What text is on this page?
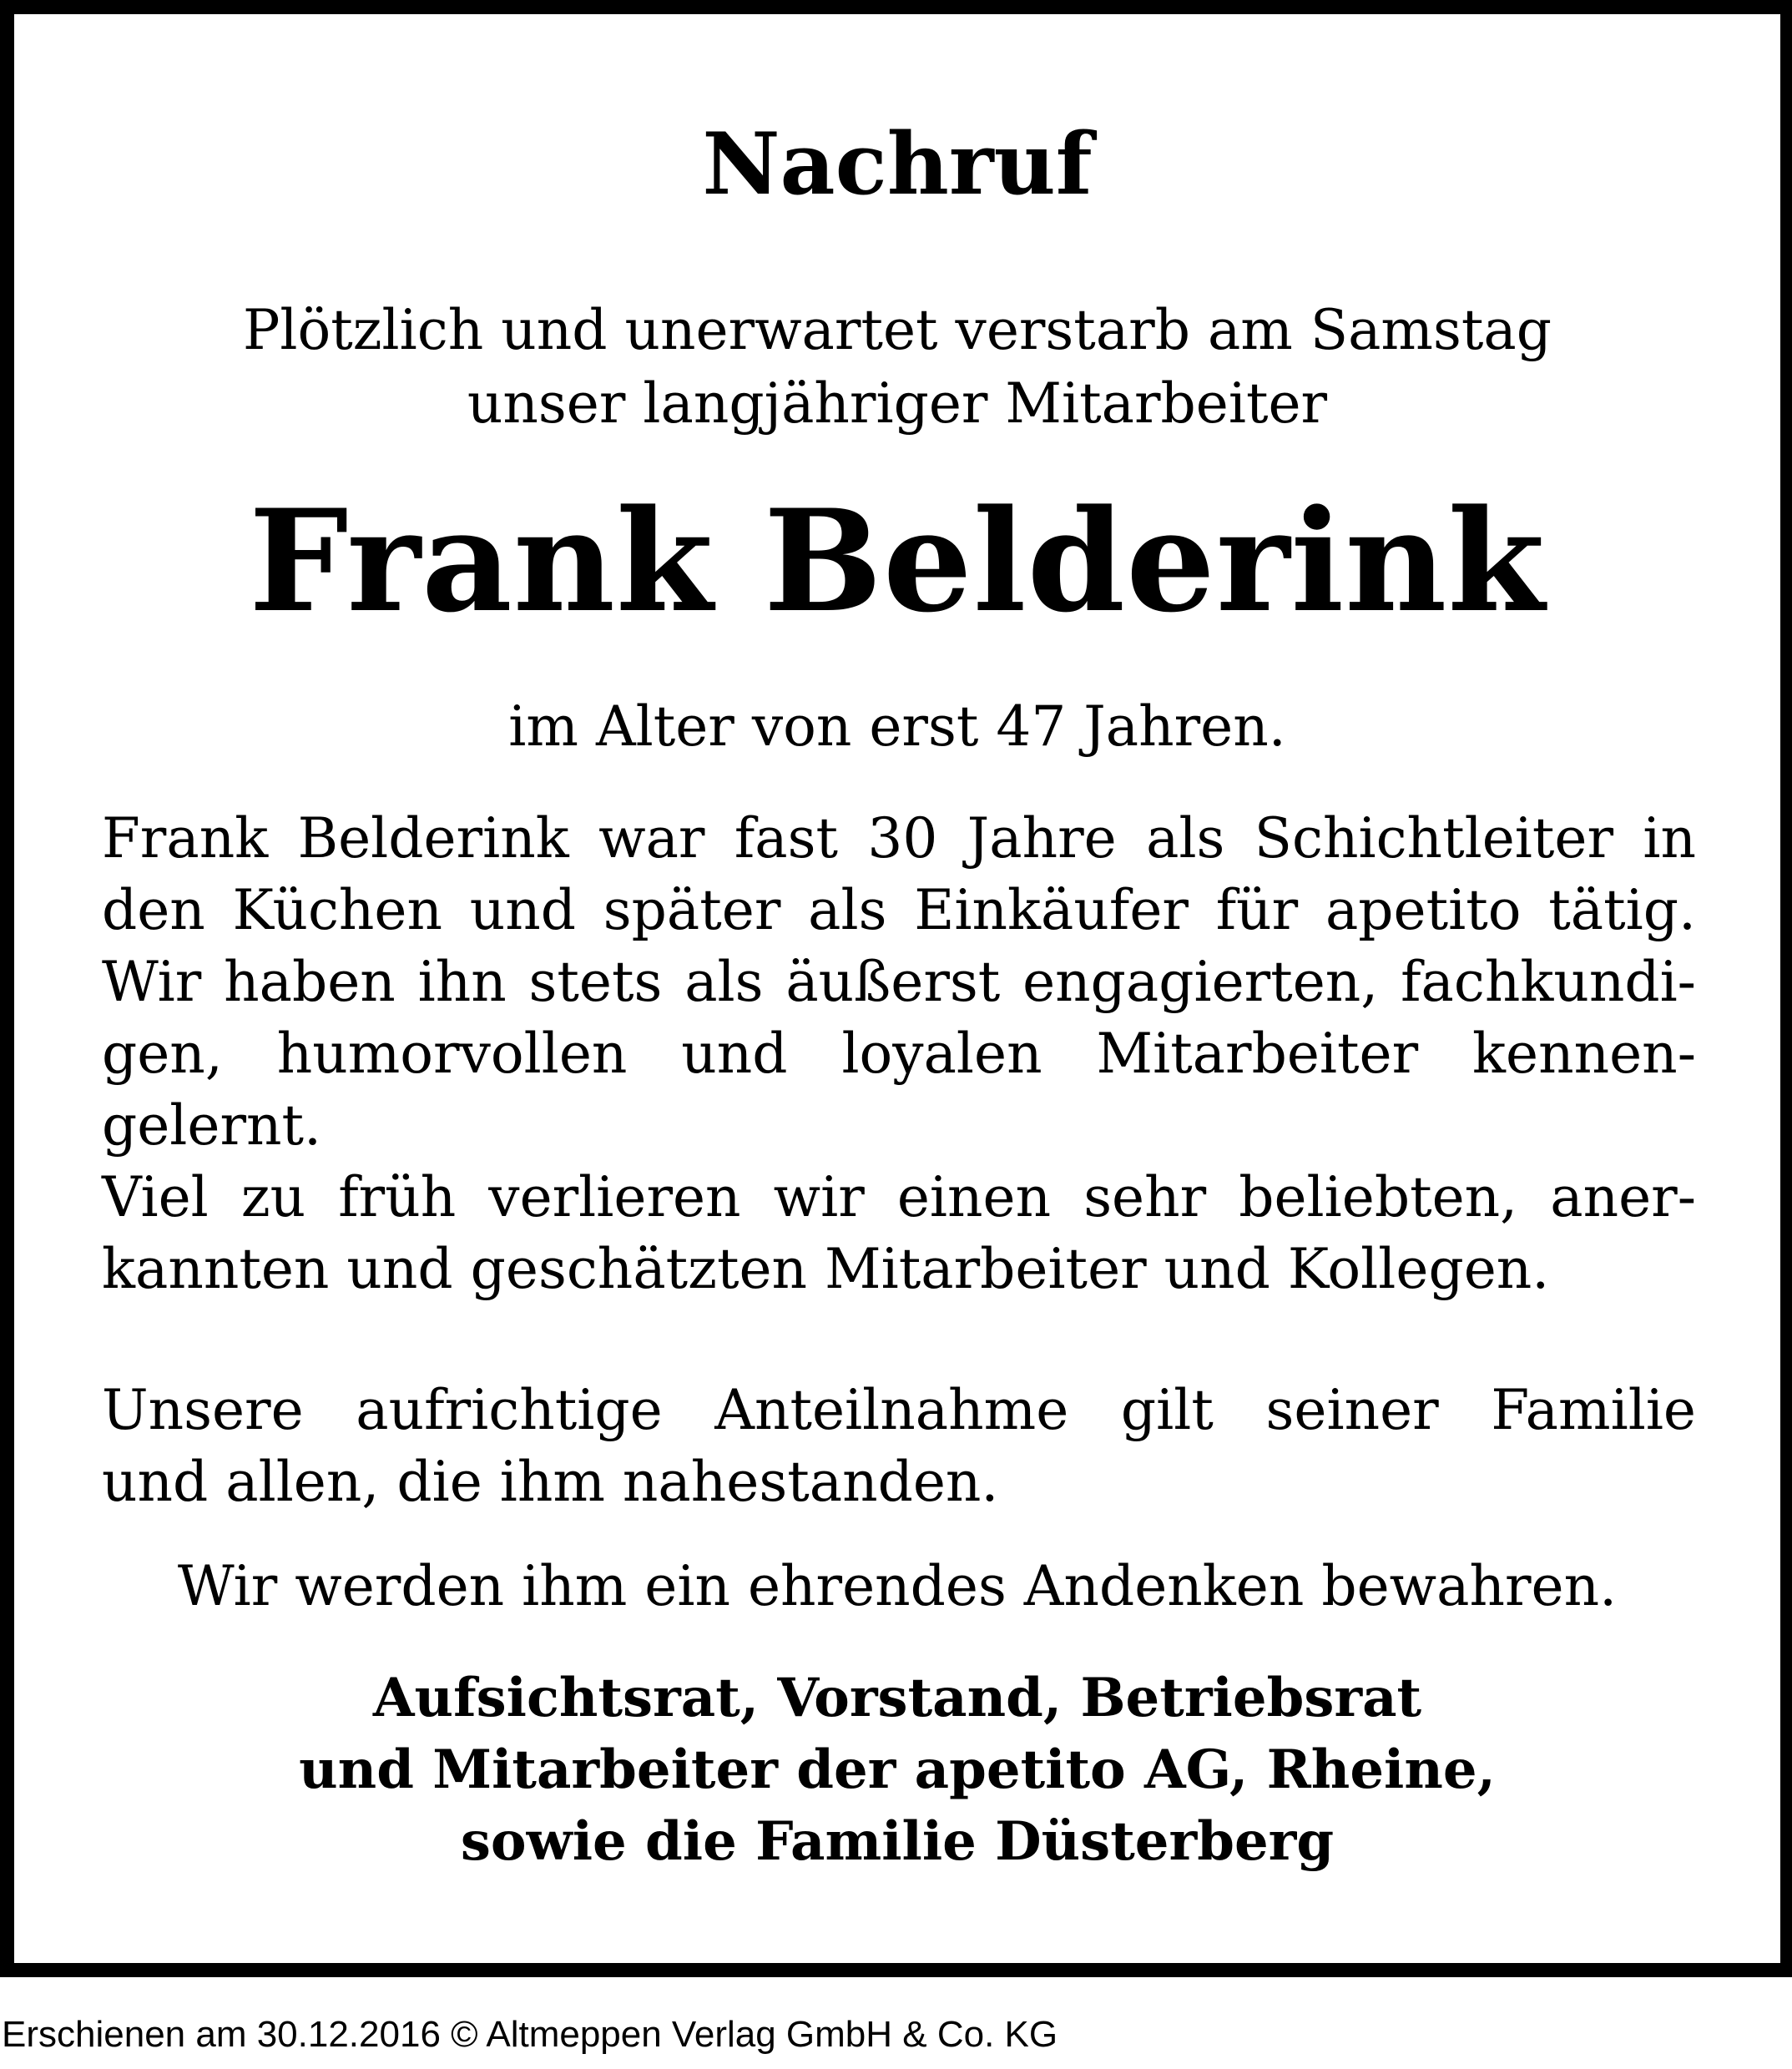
Nachruf
Plötzlich und unerwartet verstarb am Samstag
unser langjähriger Mitarbeiter
Frank Belderink
im Alter von erst 47 Jahren.
Frank Belderink war fast 30 Jahre als Schichtleiter in
den Küchen und später als Einkäufer für apetito tätig.
Wir haben ihn stets als äußerst engagierten, fachkundi-
gen, humorvollen und loyalen Mitarbeiter kennen-
gelernt.
Viel zu früh verlieren wir einen sehr beliebten, aner-
kannten und geschätzten Mitarbeiter und Kollegen.
Unsere aufrichtige Anteilnahme gilt seiner Familie
und allen, die ihm nahestanden.
Wir werden ihm ein ehrendes Andenken bewahren.
Aufsichtsrat, Vorstand, Betriebsrat
und Mitarbeiter der apetito AG, Rheine,
sowie die Familie Düsterberg
Erschienen am 30.12.2016 © Altmeppen Verlag GmbH & Co. KG
